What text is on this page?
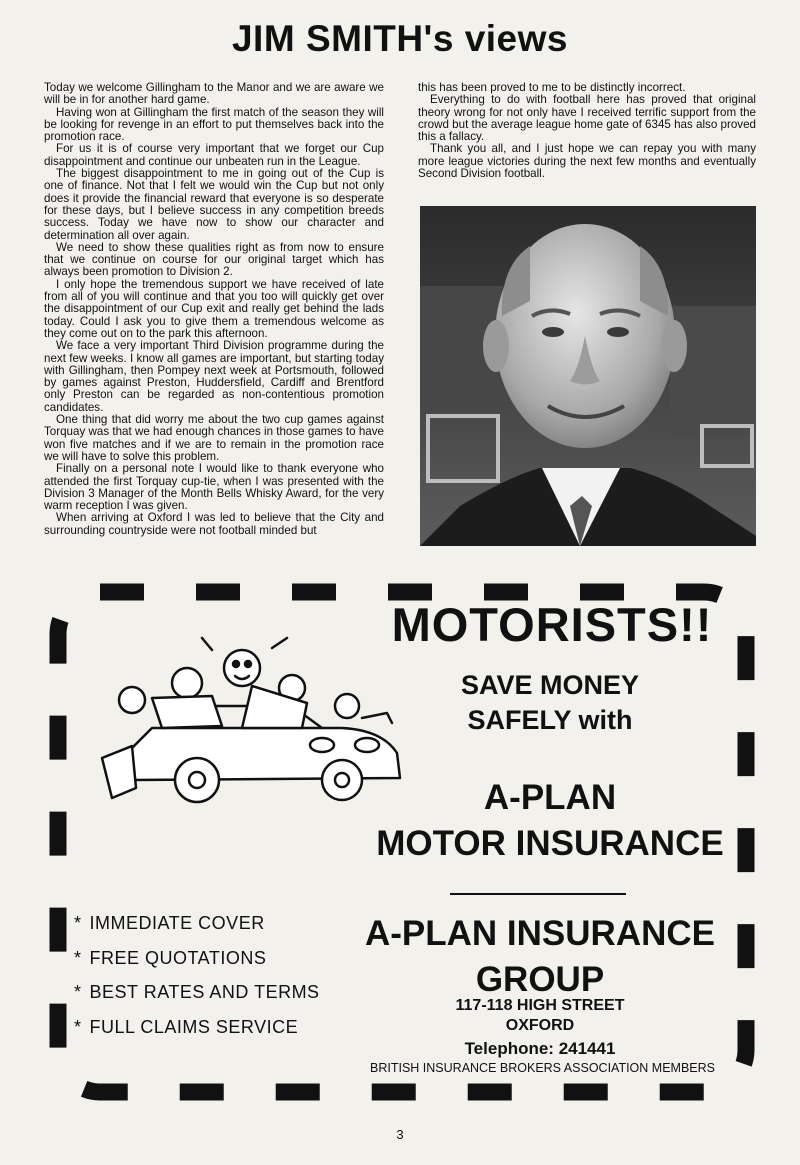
JIM SMITH's views

Today we welcome Gillingham to the Manor and we are aware we will be in for another hard game.

Having won at Gillingham the first match of the season they will be looking for revenge in an effort to put themselves back into the promotion race.

For us it is of course very important that we forget our Cup disappointment and continue our unbeaten run in the League.

The biggest disappointment to me in going out of the Cup is one of finance. Not that I felt we would win the Cup but not only does it provide the financial reward that everyone is so desperate for these days, but I believe success in any competition breeds success. Today we have now to show our character and determination all over again.

We need to show these qualities right as from now to ensure that we continue on course for our original target which has always been promotion to Division 2.

I only hope the tremendous support we have received of late from all of you will continue and that you too will quickly get over the disappointment of our Cup exit and really get behind the lads today. Could I ask you to give them a tremendous welcome as they come out on to the park this afternoon.

We face a very important Third Division programme during the next few weeks. I know all games are important, but starting today with Gillingham, then Pompey next week at Portsmouth, followed by games against Preston, Huddersfield, Cardiff and Brentford only Preston can be regarded as non-contentious promotion candidates.

One thing that did worry me about the two cup games against Torquay was that we had enough chances in those games to have won five matches and if we are to remain in the promotion race we will have to solve this problem.

Finally on a personal note I would like to thank everyone who attended the first Torquay cup-tie, when I was presented with the Division 3 Manager of the Month Bells Whisky Award, for the very warm reception I was given.

When arriving at Oxford I was led to believe that the City and surrounding countryside were not football minded but

this has been proved to me to be distinctly incorrect.

Everything to do with football here has proved that original theory wrong for not only have I received terrific support from the crowd but the average league home gate of 6345 has also proved this a fallacy.

Thank you all, and I just hope we can repay you with many more league victories during the next few months and eventually Second Division football.

MOTORISTS!!
SAVE MONEY
SAFELY with
A-PLAN
MOTOR INSURANCE
A-PLAN INSURANCE
GROUP
117-118 HIGH STREET
OXFORD
Telephone: 241441
BRITISH INSURANCE BROKERS ASSOCIATION MEMBERS
* IMMEDIATE COVER
* FREE QUOTATIONS
* BEST RATES AND TERMS
* FULL CLAIMS SERVICE
3
